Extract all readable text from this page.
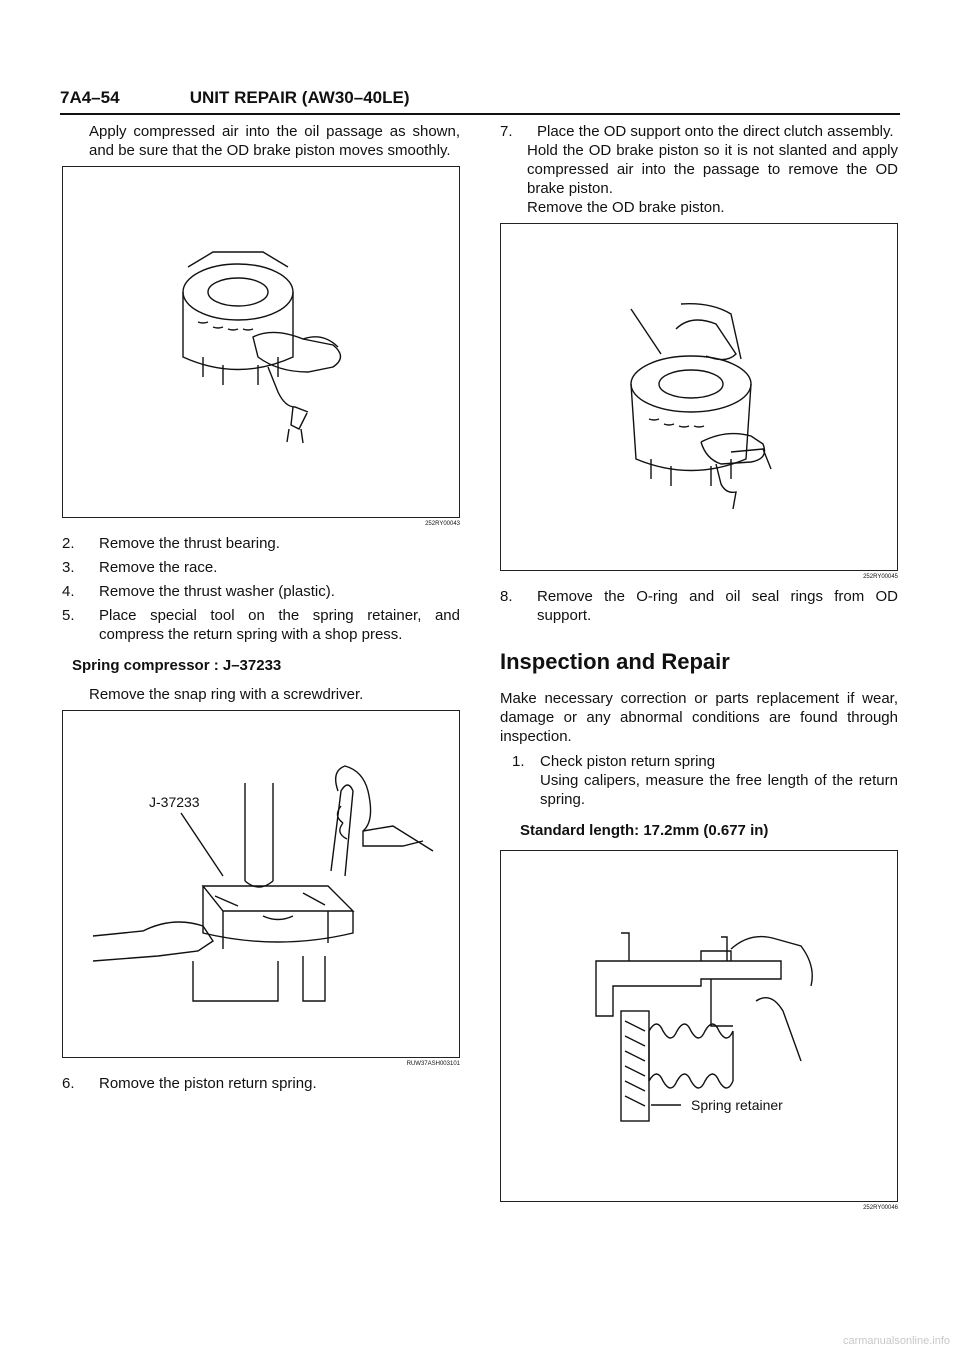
7A4–54	UNIT REPAIR (AW30–40LE)

Apply compressed air into the oil passage as shown, and be sure that the OD brake piston moves smoothly.

252RY00043
2.	Remove the thrust bearing.
3.	Remove the race.
4.	Remove the thrust washer (plastic).
5.	Place special tool on the spring retainer, and compress the return spring with a shop press.
Spring compressor : J–37233

Remove the snap ring with a screwdriver.

J-37233
RUW37ASH003101
6.	Romove the piston return spring.
7.	Place the OD support onto the direct clutch assembly.

Hold the OD brake piston so it is not slanted and apply compressed air into the passage to remove the OD brake piston.

Remove the OD brake piston.

252RY00045
8.	Remove the O-ring and oil seal rings from OD support.
Inspection and Repair

Make necessary correction or parts replacement if wear, damage or any abnormal conditions are found through inspection.

1.	Check piston return spring

Using calipers, measure the free length of the return spring.

Standard length: 17.2mm (0.677 in)
Spring retainer
252RY00046
carmanualsonline.info
